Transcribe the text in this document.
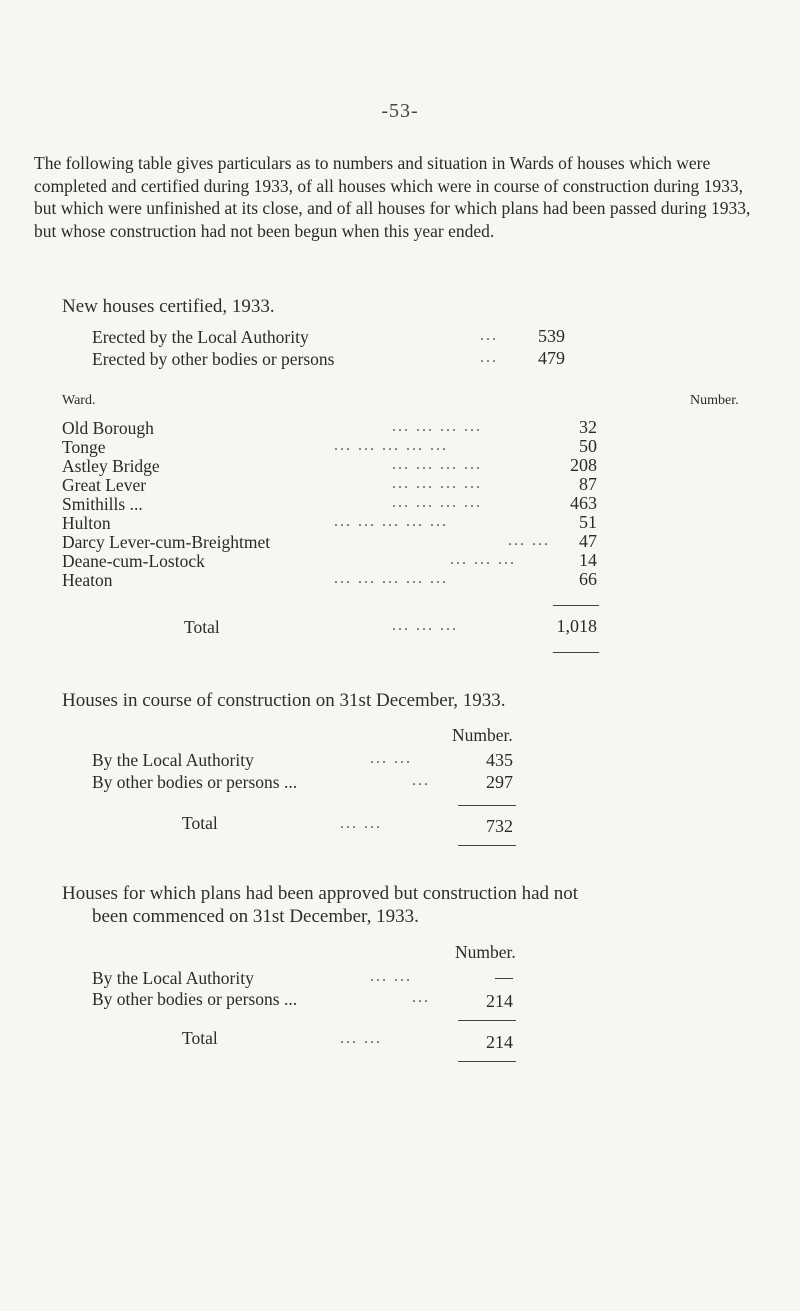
-53-
The following table gives particulars as to numbers and situation in Wards of houses which were completed and certified during 1933, of all houses which were in course of construction during 1933, but which were unfinished at its close, and of all houses for which plans had been passed during 1933, but whose construction had not been begun when this year ended.
New houses certified, 1933.
Erected by the Local Authority	...	539
Erected by other bodies or persons	...	479
Ward.	Number.
Old Borough	... ... ... ...	32
Tonge	... ... ... ... ...	50
Astley Bridge	... ... ... ...	208
Great Lever	... ... ... ...	87
Smithills ...	... ... ... ...	463
Hulton	... ... ... ... ...	51
Darcy Lever-cum-Breightmet	... ...	47
Deane-cum-Lostock	... ... ...	14
Heaton	... ... ... ... ...	66
Total	... ... ...	1,018
Houses in course of construction on 31st December, 1933.
Number.
By the Local Authority	... ...	435
By other bodies or persons ...	...	297
Total	... ...	732
Houses for which plans had been approved but construction had not
been commenced on 31st December, 1933.
Number.
By the Local Authority	... ...	—
By other bodies or persons ...	...	214
Total	... ...	214
